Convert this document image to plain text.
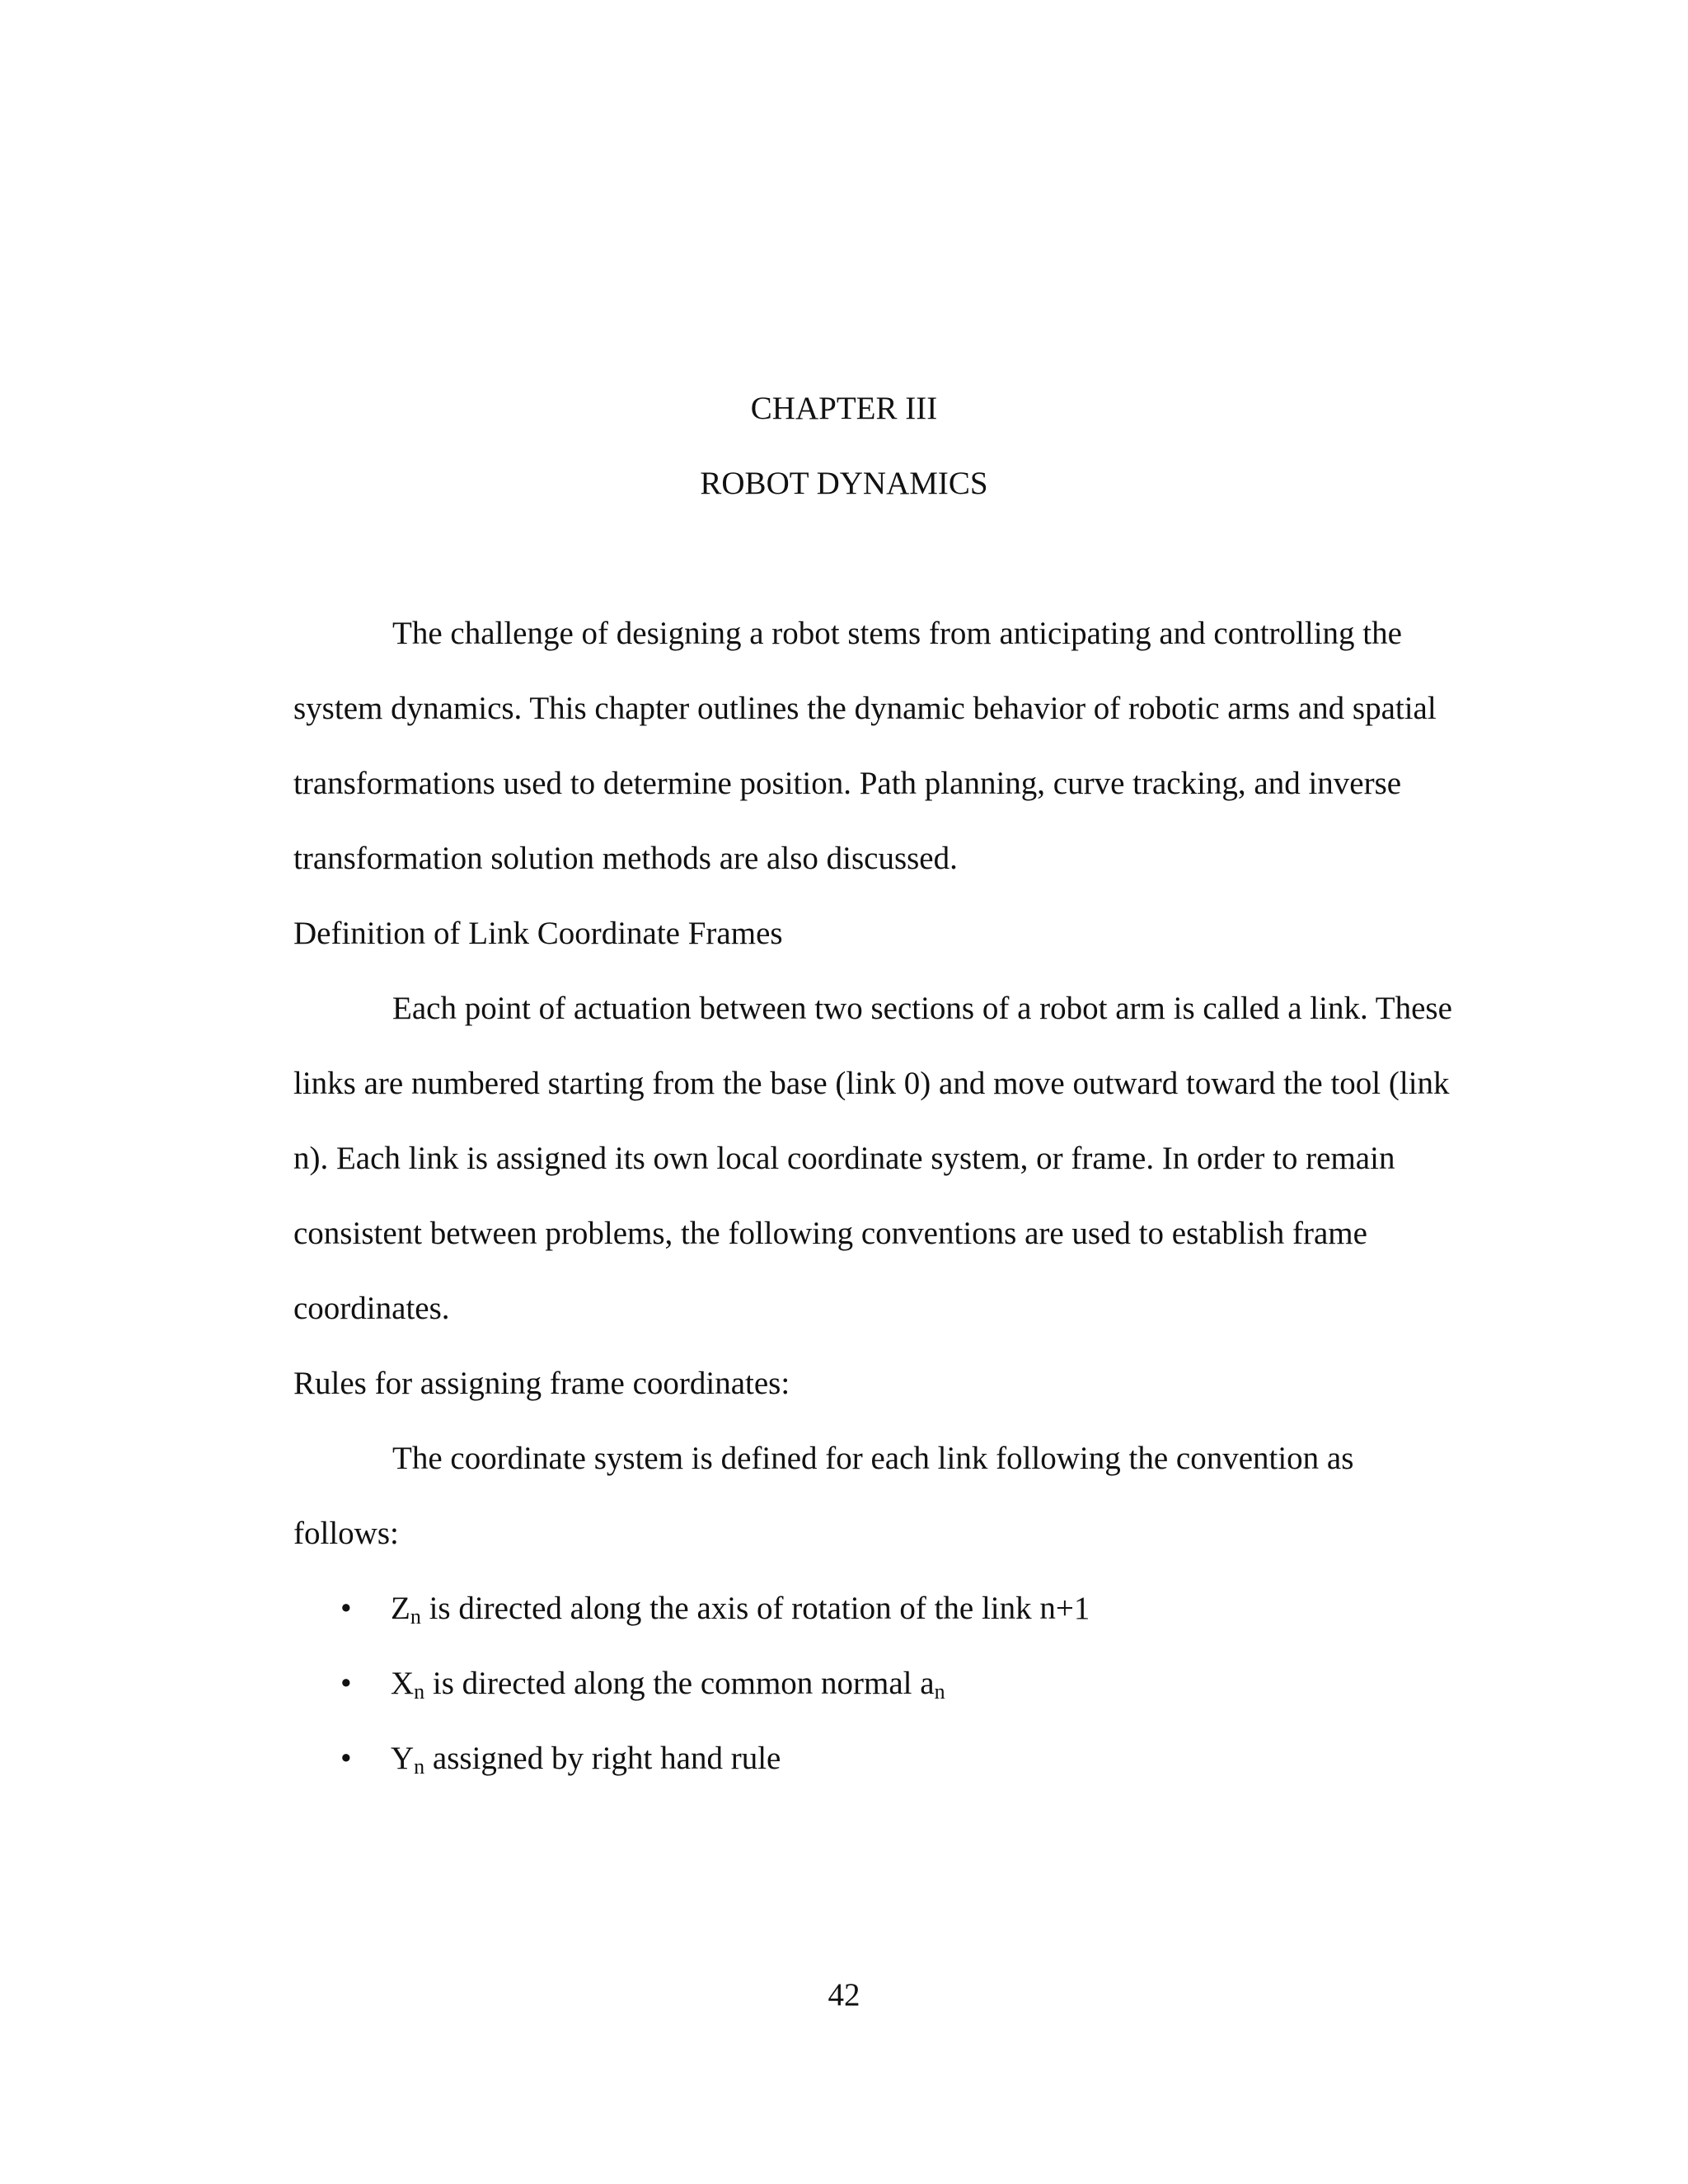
CHAPTER III
ROBOT DYNAMICS
The challenge of designing a robot stems from anticipating and controlling the
system dynamics. This chapter outlines the dynamic behavior of robotic arms and spatial
transformations used to determine position. Path planning, curve tracking, and inverse
transformation solution methods are also discussed.
Definition of Link Coordinate Frames
Each point of actuation between two sections of a robot arm is called a link. These
links are numbered starting from the base (link 0) and move outward toward the tool (link
n). Each link is assigned its own local coordinate system, or frame. In order to remain
consistent between problems, the following conventions are used to establish frame
coordinates.
Rules for assigning frame coordinates:
The coordinate system is defined for each link following the convention as
follows:
• $Z_n$ is directed along the axis of rotation of the link n+1
• $X_n$ is directed along the common normal $a_n$
• $Y_n$ assigned by right hand rule
42
